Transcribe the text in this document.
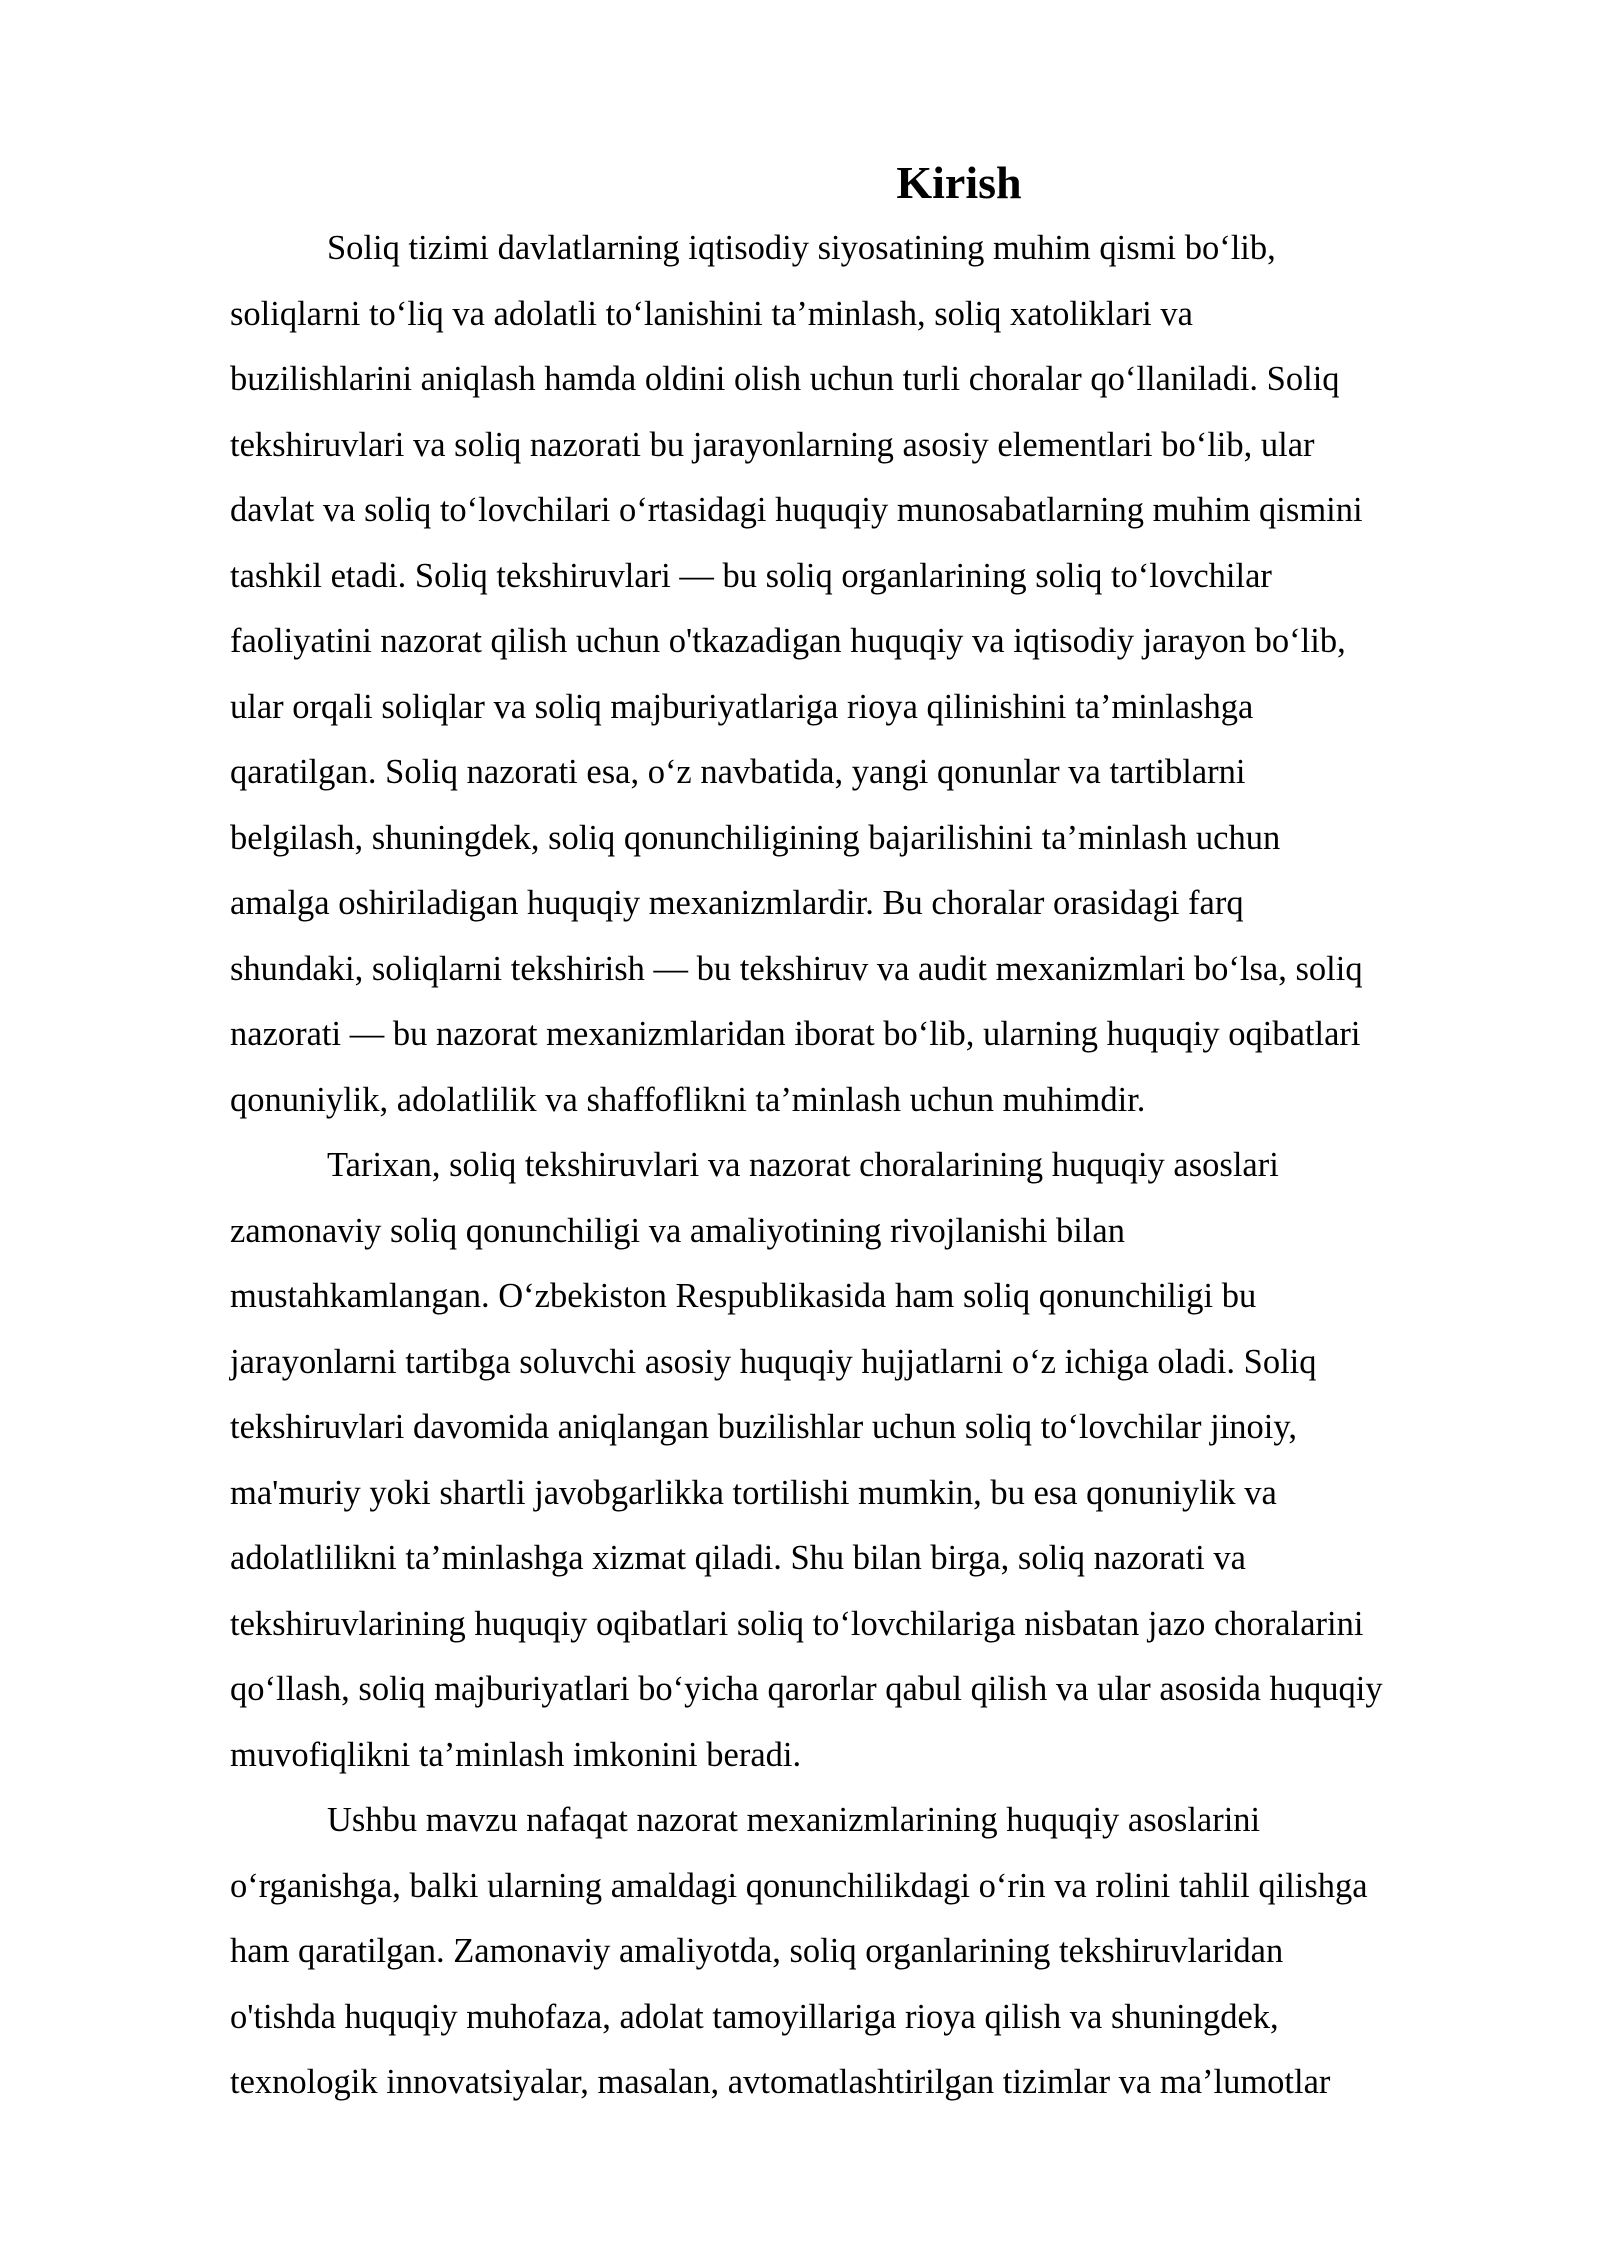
Kirish
Soliq tizimi davlatlarning iqtisodiy siyosatining muhim qismi bo‘lib,
soliqlarni to‘liq va adolatli to‘lanishini ta’minlash, soliq xatoliklari va
buzilishlarini aniqlash hamda oldini olish uchun turli choralar qo‘llaniladi. Soliq
tekshiruvlari va soliq nazorati bu jarayonlarning asosiy elementlari bo‘lib, ular
davlat va soliq to‘lovchilari o‘rtasidagi huquqiy munosabatlarning muhim qismini
tashkil etadi. Soliq tekshiruvlari — bu soliq organlarining soliq to‘lovchilar
faoliyatini nazorat qilish uchun o'tkazadigan huquqiy va iqtisodiy jarayon bo‘lib,
ular orqali soliqlar va soliq majburiyatlariga rioya qilinishini ta’minlashga
qaratilgan. Soliq nazorati esa, o‘z navbatida, yangi qonunlar va tartiblarni
belgilash, shuningdek, soliq qonunchiligining bajarilishini ta’minlash uchun
amalga oshiriladigan huquqiy mexanizmlardir. Bu choralar orasidagi farq
shundaki, soliqlarni tekshirish — bu tekshiruv va audit mexanizmlari bo‘lsa, soliq
nazorati — bu nazorat mexanizmlaridan iborat bo‘lib, ularning huquqiy oqibatlari
qonuniylik, adolatlilik va shaffoflikni ta’minlash uchun muhimdir.
Tarixan, soliq tekshiruvlari va nazorat choralarining huquqiy asoslari
zamonaviy soliq qonunchiligi va amaliyotining rivojlanishi bilan
mustahkamlangan. O‘zbekiston Respublikasida ham soliq qonunchiligi bu
jarayonlarni tartibga soluvchi asosiy huquqiy hujjatlarni o‘z ichiga oladi. Soliq
tekshiruvlari davomida aniqlangan buzilishlar uchun soliq to‘lovchilar jinoiy,
ma'muriy yoki shartli javobgarlikka tortilishi mumkin, bu esa qonuniylik va
adolatlilikni ta’minlashga xizmat qiladi. Shu bilan birga, soliq nazorati va
tekshiruvlarining huquqiy oqibatlari soliq to‘lovchilariga nisbatan jazo choralarini
qo‘llash, soliq majburiyatlari bo‘yicha qarorlar qabul qilish va ular asosida huquqiy
muvofiqlikni ta’minlash imkonini beradi.
Ushbu mavzu nafaqat nazorat mexanizmlarining huquqiy asoslarini
o‘rganishga, balki ularning amaldagi qonunchilikdagi o‘rin va rolini tahlil qilishga
ham qaratilgan. Zamonaviy amaliyotda, soliq organlarining tekshiruvlaridan
o'tishda huquqiy muhofaza, adolat tamoyillariga rioya qilish va shuningdek,
texnologik innovatsiyalar, masalan, avtomatlashtirilgan tizimlar va ma’lumotlar
